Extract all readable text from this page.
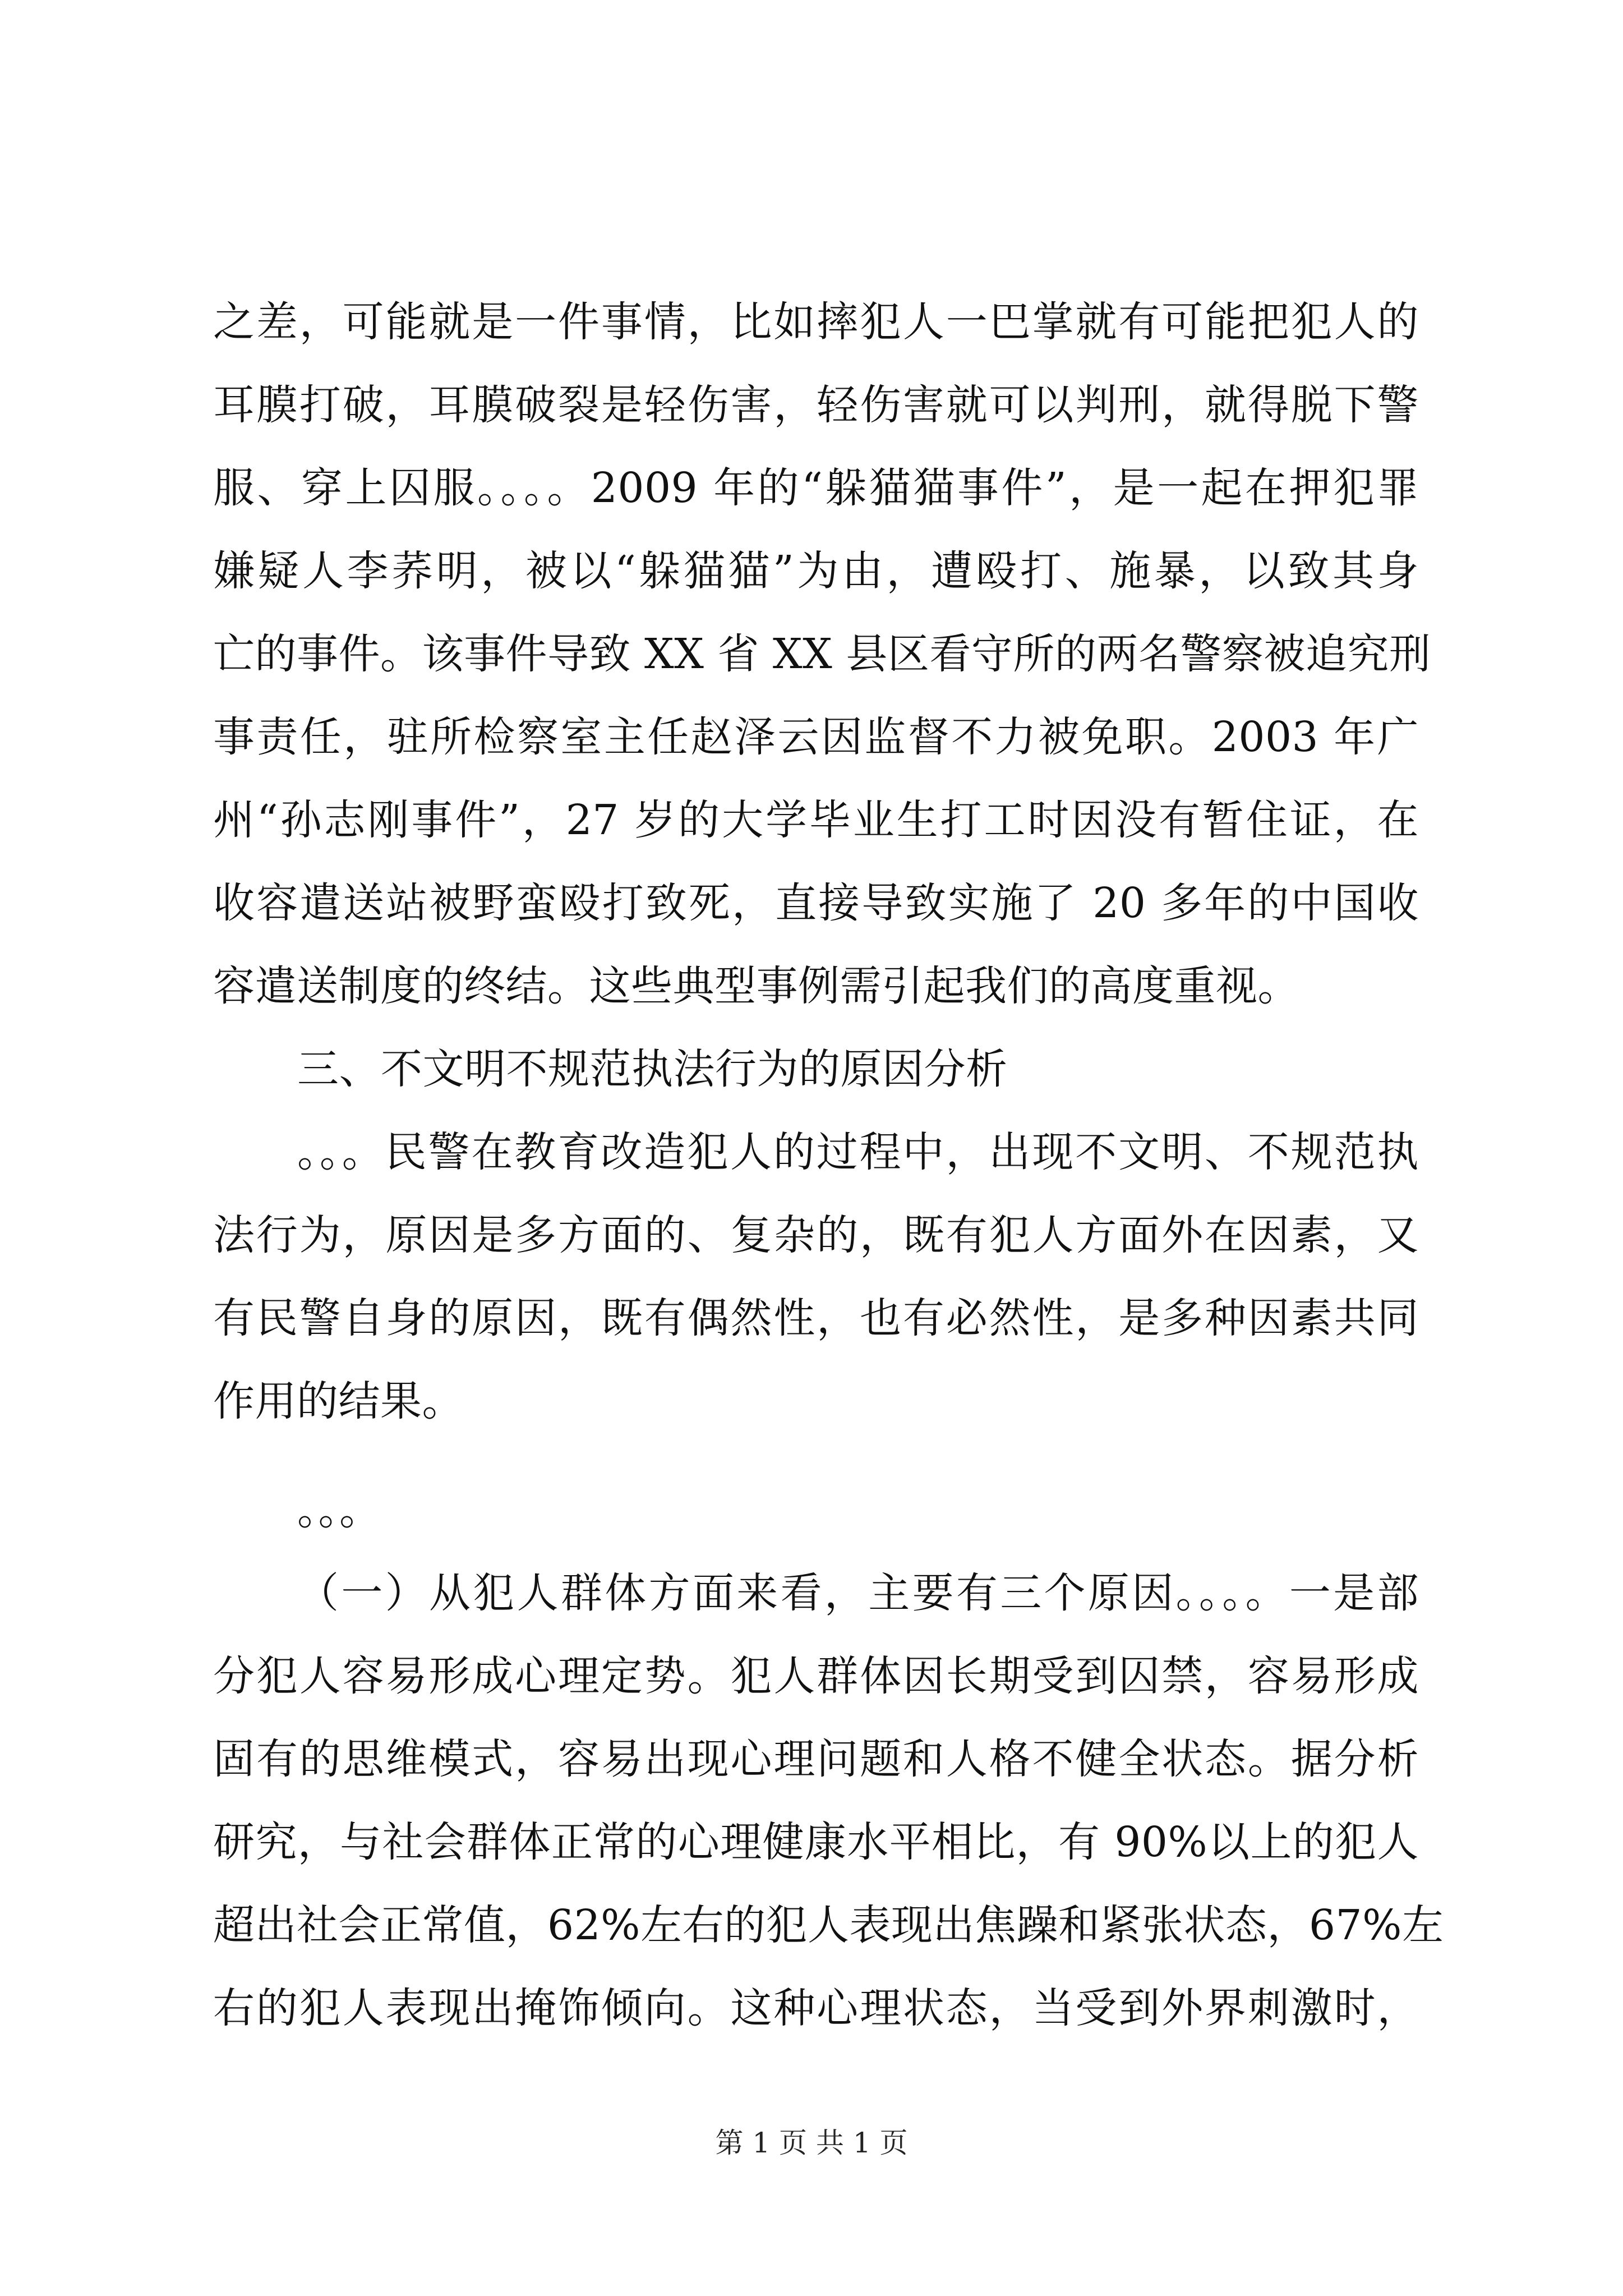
之差，可能就是一件事情，比如摔犯人一巴掌就有可能把犯人的
耳膜打破，耳膜破裂是轻伤害，轻伤害就可以判刑，就得脱下警
服、穿上囚服。。。。2009 年的“躲猫猫事件”，是一起在押犯罪
嫌疑人李荞明，被以“躲猫猫”为由，遭殴打、施暴，以致其身
亡的事件。该事件导致 XX 省 XX 县区看守所的两名警察被追究刑
事责任，驻所检察室主任赵泽云因监督不力被免职。2003 年广
州“孙志刚事件”，27 岁的大学毕业生打工时因没有暂住证，在
收容遣送站被野蛮殴打致死，直接导致实施了 20 多年的中国收
容遣送制度的终结。这些典型事例需引起我们的高度重视。
三、不文明不规范执法行为的原因分析
。。。民警在教育改造犯人的过程中，出现不文明、不规范执
法行为，原因是多方面的、复杂的，既有犯人方面外在因素，又
有民警自身的原因，既有偶然性，也有必然性，是多种因素共同
作用的结果。
。。。
（一）从犯人群体方面来看，主要有三个原因。。。。一是部
分犯人容易形成心理定势。犯人群体因长期受到囚禁，容易形成
固有的思维模式，容易出现心理问题和人格不健全状态。据分析
研究，与社会群体正常的心理健康水平相比，有 90%以上的犯人
超出社会正常值，62%左右的犯人表现出焦躁和紧张状态，67%左
右的犯人表现出掩饰倾向。这种心理状态，当受到外界刺激时，
第 1 页 共 1 页
